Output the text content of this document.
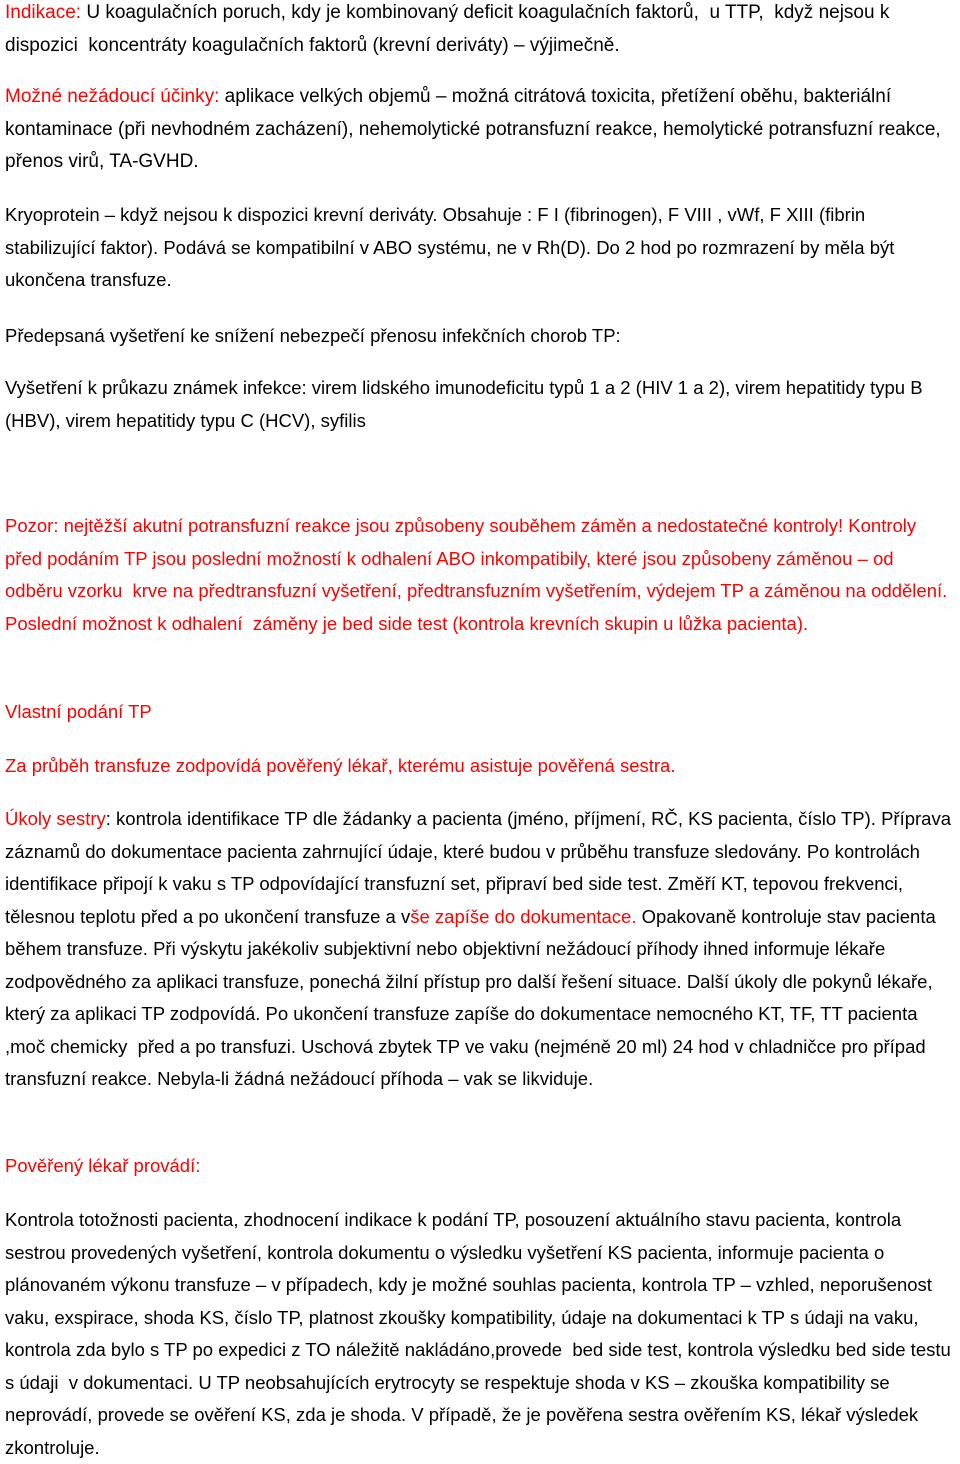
Indikace: U koagulačních poruch, kdy je kombinovaný deficit koagulačních faktorů,  u TTP,  když nejsou k dispozici  koncentráty koagulačních faktorů (krevní deriváty) – výjimečně.

Možné nežádoucí účinky: aplikace velkých objemů – možná citrátová toxicita, přetížení oběhu, bakteriální kontaminace (při nevhodném zacházení), nehemolytické potransfuzní reakce, hemolytické potransfuzní reakce, přenos virů, TA-GVHD.

Kryoprotein – když nejsou k dispozici krevní deriváty. Obsahuje : F I (fibrinogen), F VIII , vWf, F XIII (fibrin stabilizující faktor). Podává se kompatibilní v ABO systému, ne v Rh(D). Do 2 hod po rozmrazení by měla být ukončena transfuze.

Předepsaná vyšetření ke snížení nebezpečí přenosu infekčních chorob TP:

Vyšetření k průkazu známek infekce: virem lidského imunodeficitu typů 1 a 2 (HIV 1 a 2), virem hepatitidy typu B (HBV), virem hepatitidy typu C (HCV), syfilis

Pozor: nejtěžší akutní potransfuzní reakce jsou způsobeny souběhem záměn a nedostatečné kontroly! Kontroly před podáním TP jsou poslední možností k odhalení ABO inkompatibily, které jsou způsobeny záměnou – od odběru vzorku  krve na předtransfuzní vyšetření, předtransfuzním vyšetřením, výdejem TP a záměnou na oddělení. Poslední možnost k odhalení  záměny je bed side test (kontrola krevních skupin u lůžka pacienta).

Vlastní podání TP

Za průběh transfuze zodpovídá pověřený lékař, kterému asistuje pověřená sestra.

Úkoly sestry: kontrola identifikace TP dle žádanky a pacienta (jméno, příjmení, RČ, KS pacienta, číslo TP). Příprava záznamů do dokumentace pacienta zahrnující údaje, které budou v průběhu transfuze sledovány. Po kontrolách identifikace připojí k vaku s TP odpovídající transfuzní set, připraví bed side test. Změří KT, tepovou frekvenci, tělesnou teplotu před a po ukončení transfuze a vše zapíše do dokumentace. Opakovaně kontroluje stav pacienta během transfuze. Při výskytu jakékoliv subjektivní nebo objektivní nežádoucí příhody ihned informuje lékaře zodpovědného za aplikaci transfuze, ponechá žilní přístup pro další řešení situace. Další úkoly dle pokynů lékaře, který za aplikaci TP zodpovídá. Po ukončení transfuze zapíše do dokumentace nemocného KT, TF, TT pacienta ,moč chemicky  před a po transfuzi. Uschová zbytek TP ve vaku (nejméně 20 ml) 24 hod v chladničce pro případ transfuzní reakce. Nebyla-li žádná nežádoucí příhoda – vak se likviduje.

Pověřený lékař provádí:

Kontrola totožnosti pacienta, zhodnocení indikace k podání TP, posouzení aktuálního stavu pacienta, kontrola sestrou provedených vyšetření, kontrola dokumentu o výsledku vyšetření KS pacienta, informuje pacienta o plánovaném výkonu transfuze – v případech, kdy je možné souhlas pacienta, kontrola TP – vzhled, neporušenost vaku, exspirace, shoda KS, číslo TP, platnost zkoušky kompatibility, údaje na dokumentaci k TP s údaji na vaku,  kontrola zda bylo s TP po expedici z TO náležitě nakládáno,provede  bed side test, kontrola výsledku bed side testu s údaji  v dokumentaci. U TP neobsahujících erytrocyty se respektuje shoda v KS – zkouška kompatibility se neprovádí, provede se ověření KS, zda je shoda. V případě, že je pověřena sestra ověřením KS, lékař výsledek zkontroluje.
